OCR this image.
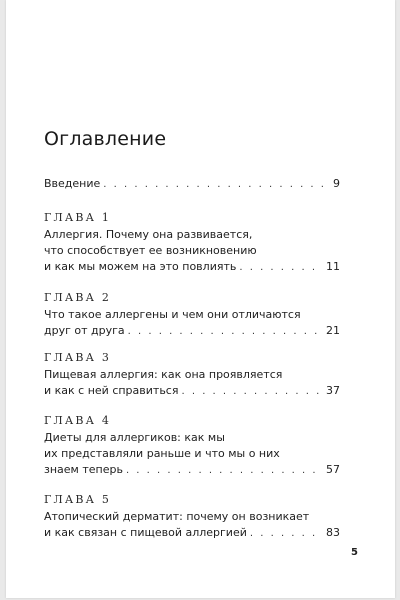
Оглавление
Введение . . .	9
ГЛАВА 1
Аллергия. Почему она развивается,
что способствует ее возникновению
и как мы можем на это повлиять . . .	11
ГЛАВА 2
Что такое аллергены и чем они отличаются
друг от друга . . .	21
ГЛАВА 3
Пищевая аллергия: как она проявляется
и как с ней справиться . . .	37
ГЛАВА 4
Диеты для аллергиков: как мы
их представляли раньше и что мы о них
знаем теперь . . .	57
ГЛАВА 5
Атопический дерматит: почему он возникает
и как связан с пищевой аллергией . . .	83
5
